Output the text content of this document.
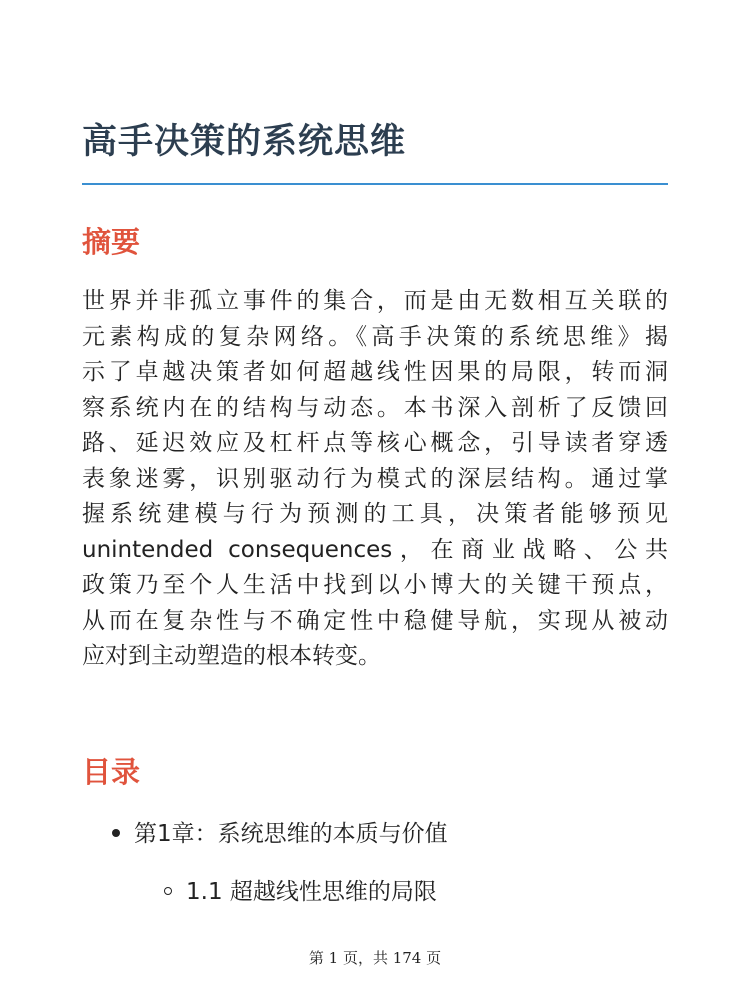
高手决策的系统思维
摘要

世界并非孤立事件的集合，而是由无数相互关联的
元素构成的复杂网络。《高手决策的系统思维》揭
示了卓越决策者如何超越线性因果的局限，转而洞
察系统内在的结构与动态。本书深入剖析了反馈回
路、延迟效应及杠杆点等核心概念，引导读者穿透
表象迷雾，识别驱动行为模式的深层结构。通过掌
握系统建模与行为预测的工具，决策者能够预见
unintended consequences，在商业战略、公共
政策乃至个人生活中找到以小博大的关键干预点，
从而在复杂性与不确定性中稳健导航，实现从被动
应对到主动塑造的根本转变。

目录
第1章：系统思维的本质与价值
1.1 超越线性思维的局限
第 1 页，共 174 页
